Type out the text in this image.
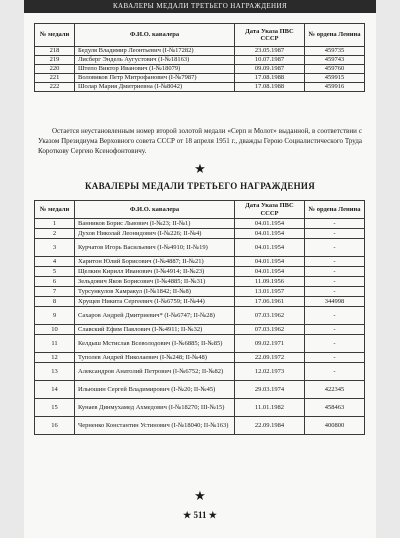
КАВАЛЕРЫ МЕДАЛИ ТРЕТЬЕГО НАГРАЖДЕНИЯ
№ медали	Ф.И.О. кавалера	Дата Указа ПВС СССР	№ ордена Ленина
218	Бедуля Владимир Леонтьевич (I-№17282)	23.05.1987	459735
219	Лисберг Эндель Аугустович (I-№18163)	10.07.1987	459743
220	Штепо Виктор Иванович (I-№18079)	09.09.1987	459760
221	Воловиков Петр Митрофанович (I-№7987)	17.08.1988	459915
222	Шолар Мария Дмитриевна (I-№8042)	17.08.1988	459916
Остается неустановленным номер второй золотой медали «Серп и Молот» выданной, в соответствии с Указом Президиума Верховного совета СССР от 18 апреля 1951 г., дважды Герою Социалистического Труда Короткову Сергею Ксенофонтовичу.
★
КАВАЛЕРЫ МЕДАЛИ ТРЕТЬЕГО НАГРАЖДЕНИЯ
№ медали	Ф.И.О. кавалера	Дата Указа ПВС СССР	№ ордена Ленина
1	Ванников Борис Львович (I-№23; II-№1)	04.01.1954	-
2	Духов Николай Леонидович (I-№226; II-№4)	04.01.1954	-
3	Курчатов Игорь Васильевич (I-№4910; II-№19)	04.01.1954	-
4	Харитон Юлий Борисович (I-№4887; II-№21)	04.01.1954	-
5	Щелкин Кирилл Иванович (I-№4914; II-№23)	04.01.1954	-
6	Зельдович Яков Борисович (I-№4885; II-№31)	11.09.1956	-
7	Турсункулов Хамракул (I-№1842; II-№8)	13.01.1957	-
8	Хрущев Никита Сергеевич (I-№6759; II-№44)	17.06.1961	344998
9	Сахаров Андрей Дмитриевич* (I-№6747; II-№28)	07.03.1962	-
10	Славский Ефим Павлович (I-№4911; II-№32)	07.03.1962	-
11	Келдыш Мстислав Всеволодович (I-№6885; II-№85)	09.02.1971	-
12	Туполев Андрей Николаевич (I-№248; II-№48)	22.09.1972	-
13	Александров Анатолий Петрович (I-№6752; II-№82)	12.02.1973	-
14	Ильюшин Сергей Владимирович (I-№20; II-№45)	29.03.1974	422345
15	Кунаев Динмухамед Ахмедович (I-№18270; III-№15)	11.01.1982	458463
16	Черненко Константин Устинович (I-№18040; II-№163)	22.09.1984	400800
★
★ 511 ★
